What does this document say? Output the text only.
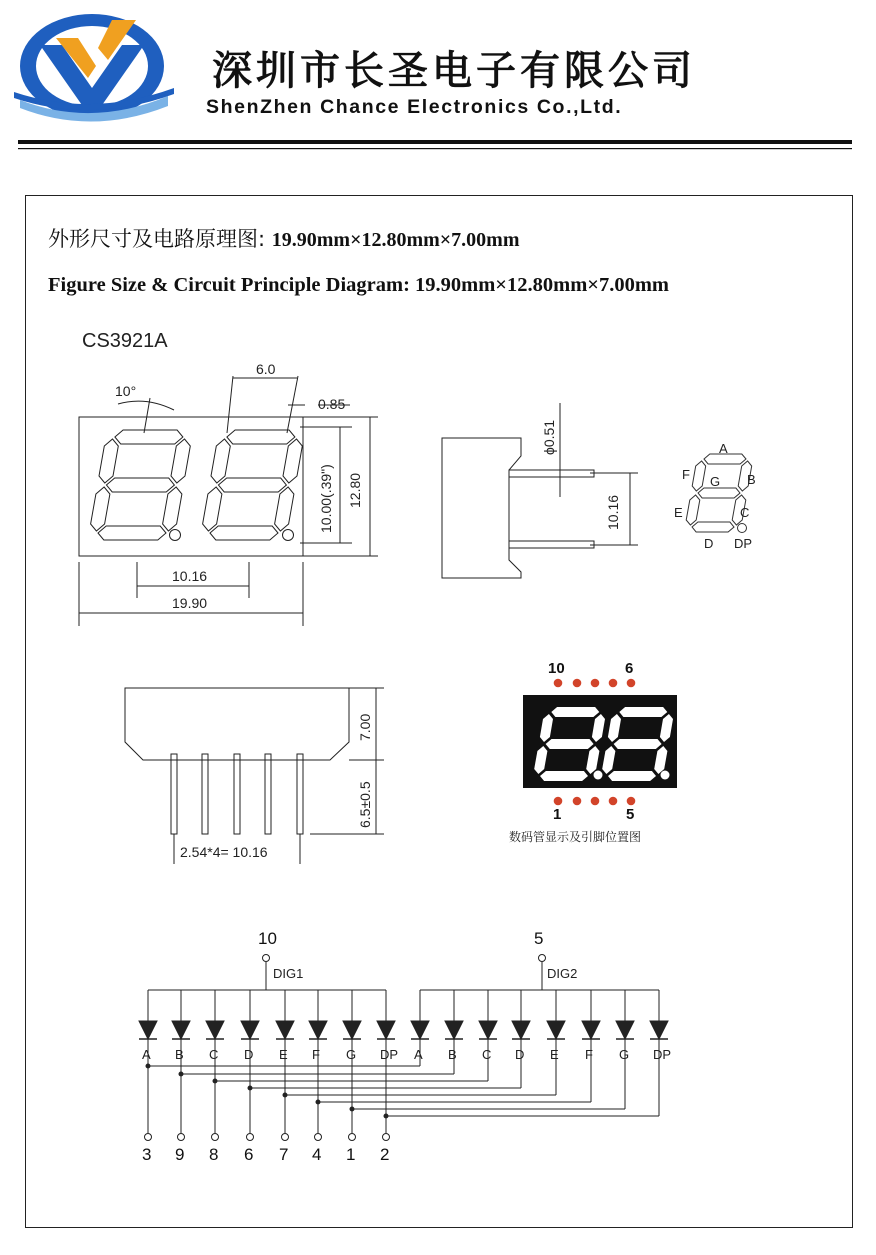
深圳市长圣电子有限公司
ShenZhen Chance Electronics Co.,Ltd.
外形尺寸及电路原理图: 19.90mm×12.80mm×7.00mm
Figure Size & Circuit Principle Diagram: 19.90mm×12.80mm×7.00mm
CS3921A
10°
6.0
0.85
10.16
19.90
10.00(.39") 12.80
ϕ0.51
10.16
A
B
C
D
E
F G
DP
7.00
6.5±0.5
2.54*4= 10.16
10	6
1	5
数码管显示及引脚位置图
10	5
DIG1	DIG2
A B C D E F G DP A B C D E F G DP
3 9 8 6 7 4 1 2
